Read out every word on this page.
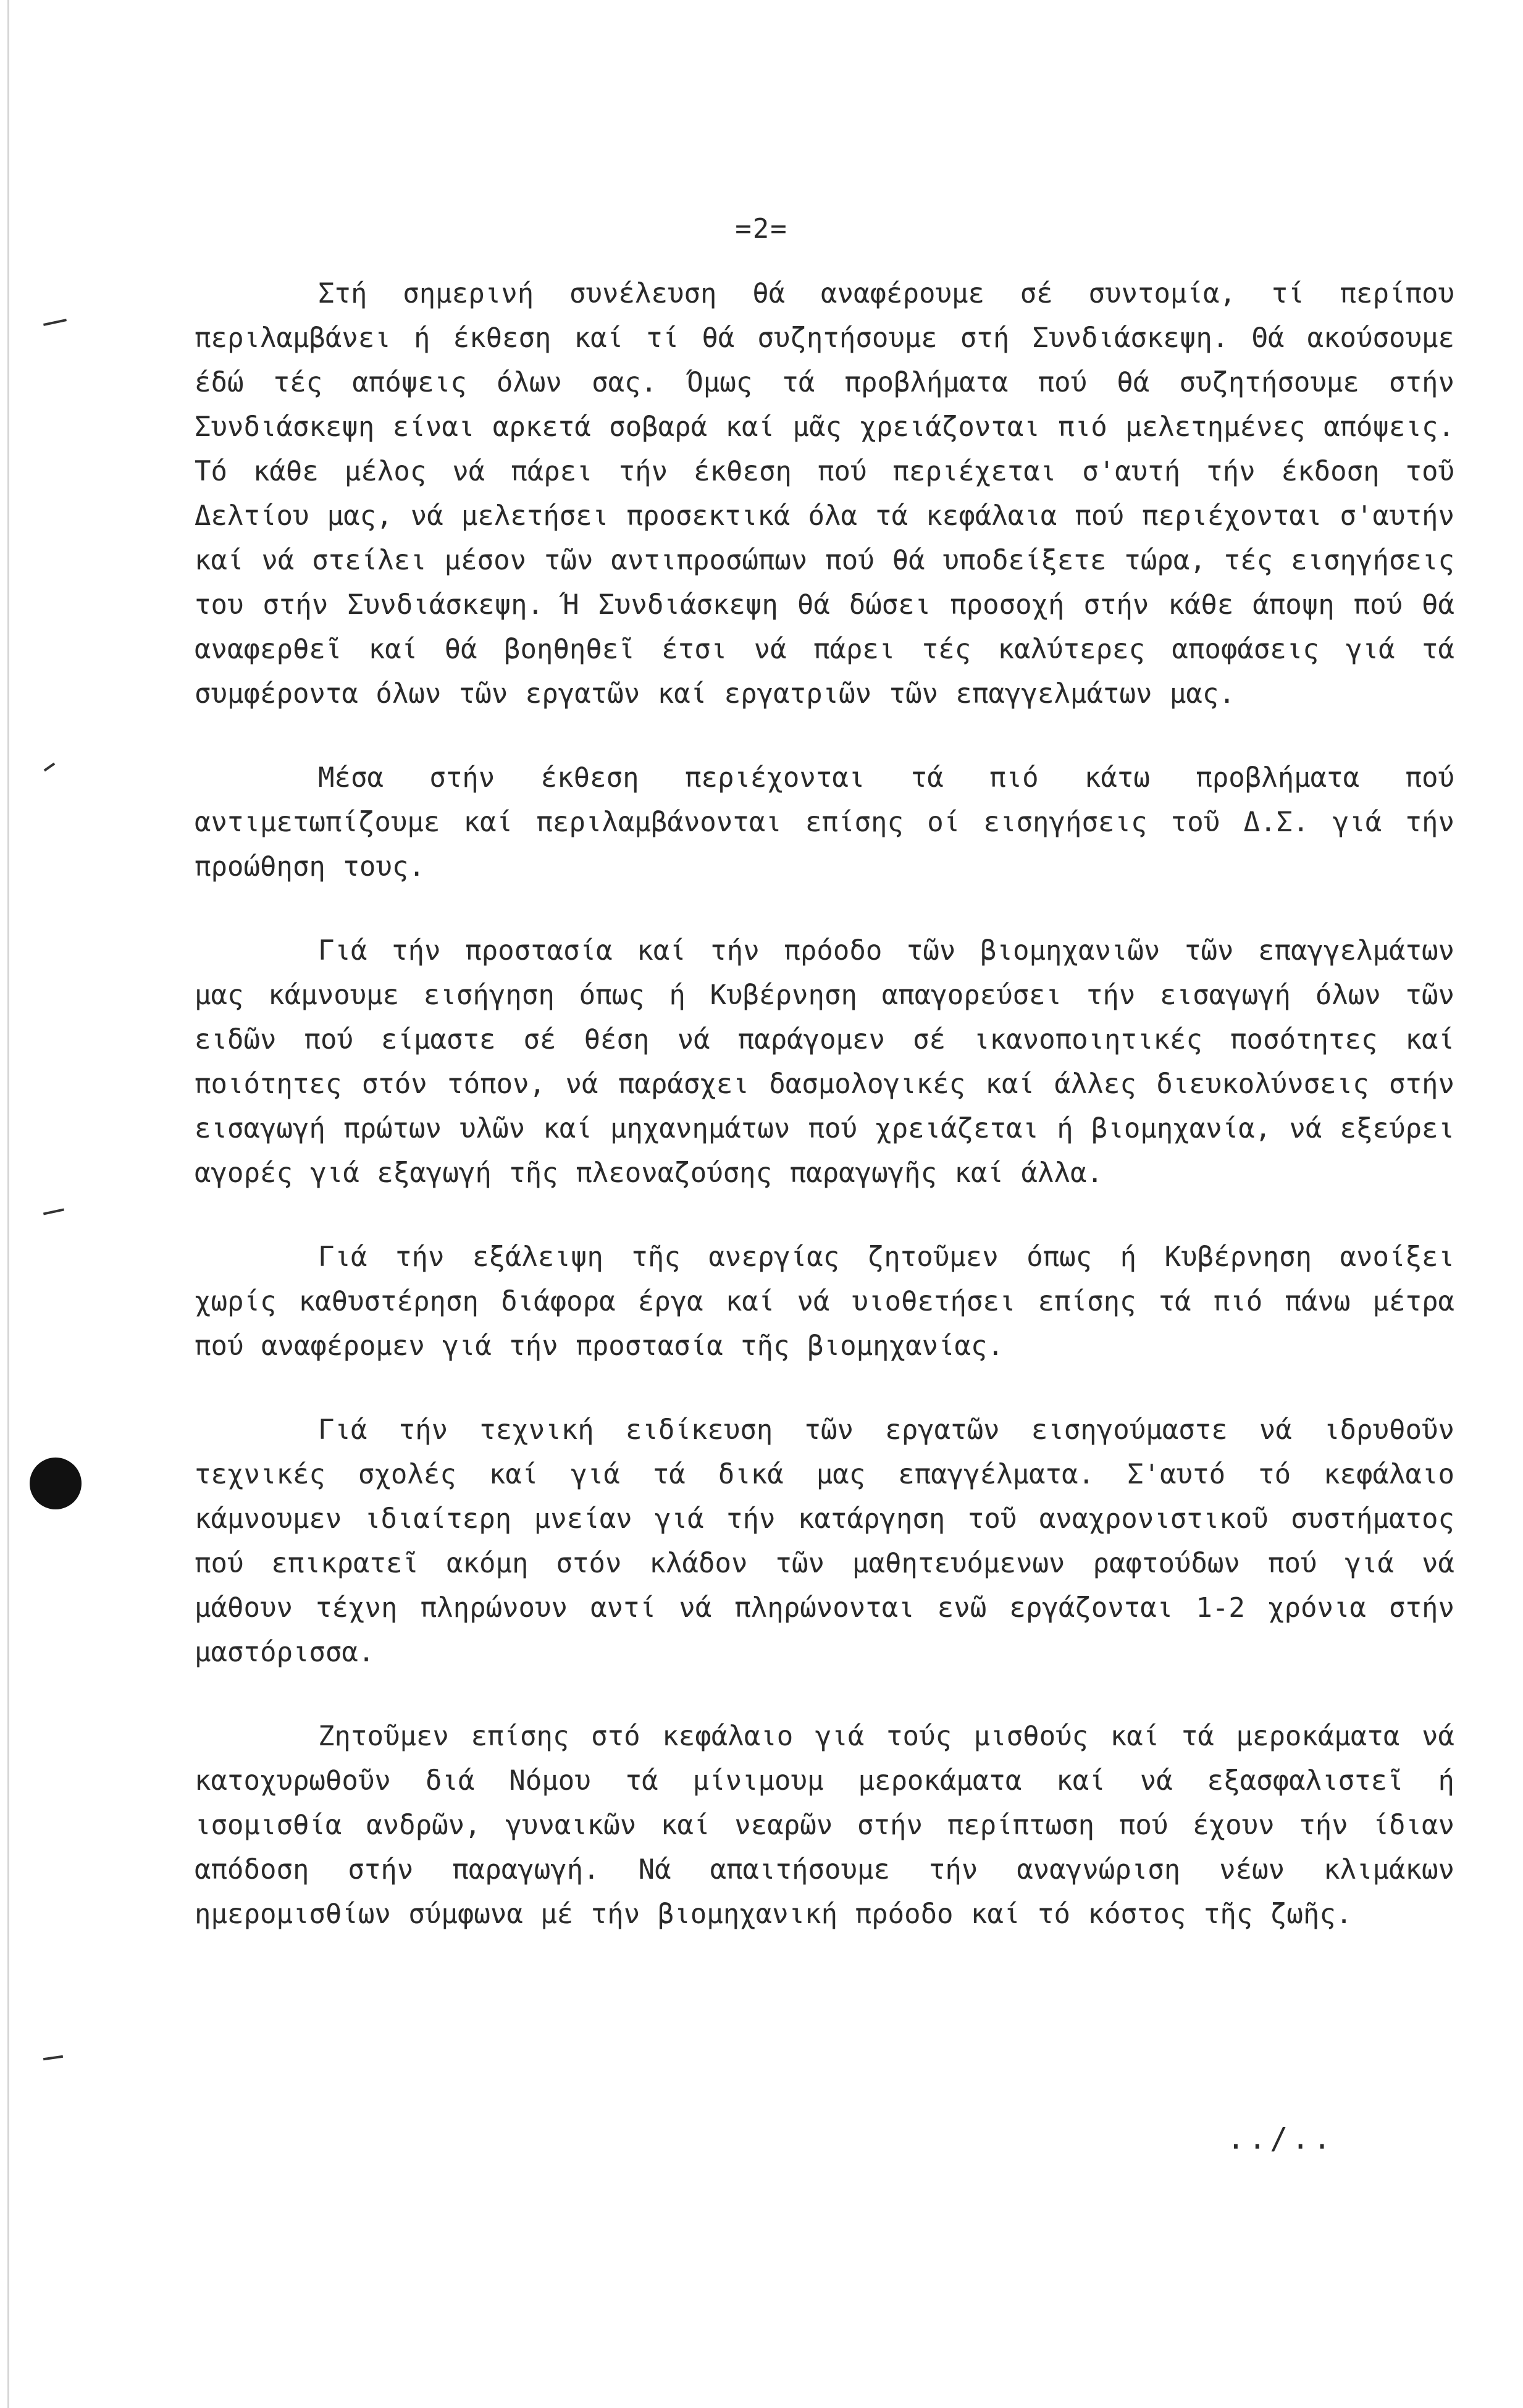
=2=

Στή σημερινή συνέλευση θά αναφέρουμε σέ συντομία, τί περίπου περιλαμβάνει ή έκθεση καί τί θά συζητήσουμε στή Συνδιάσκεψη. Θά ακούσουμε έδώ τές απόψεις όλων σας. Όμως τά προβλήματα πού θά συζητήσουμε στήν Συνδιάσκεψη είναι αρκετά σοβαρά καί μᾶς χρειάζονται πιό μελετημένες απόψεις. Τό κάθε μέλος νά πάρει τήν έκθεση πού περιέχεται σ'αυτή τήν έκδοση τοῦ Δελτίου μας, νά μελετήσει προσεκτικά όλα τά κεφάλαια πού περιέχονται σ'αυτήν καί νά στείλει μέσον τῶν αντιπροσώπων πού θά υποδείξετε τώρα, τές εισηγήσεις του στήν Συνδιάσκεψη. Ή Συνδιάσκεψη θά δώσει προσοχή στήν κάθε άποψη πού θά αναφερθεῖ καί θά βοηθηθεῖ έτσι νά πάρει τές καλύτερες αποφάσεις γιά τά συμφέροντα όλων τῶν εργατῶν καί εργατριῶν τῶν επαγγελμάτων μας.

Μέσα στήν έκθεση περιέχονται τά πιό κάτω προβλήματα πού αντιμετωπίζουμε καί περιλαμβάνονται επίσης οί εισηγήσεις τοῦ Δ.Σ. γιά τήν προώθηση τους.

Γιά τήν προστασία καί τήν πρόοδο τῶν βιομηχανιῶν τῶν επαγγελμάτων μας κάμνουμε εισήγηση όπως ή Κυβέρνηση απαγορεύσει τήν εισαγωγή όλων τῶν ειδῶν πού είμαστε σέ θέση νά παράγομεν σέ ικανοποιητικές ποσότητες καί ποιότητες στόν τόπον, νά παράσχει δασμολογικές καί άλλες διευκολύνσεις στήν εισαγωγή πρώτων υλῶν καί μηχανημάτων πού χρειάζεται ή βιομηχανία, νά εξεύρει αγορές γιά εξαγωγή τῆς πλεοναζούσης παραγωγῆς καί άλλα.

Γιά τήν εξάλειψη τῆς ανεργίας ζητοῦμεν όπως ή Κυβέρνηση ανοίξει χωρίς καθυστέρηση διάφορα έργα καί νά υιοθετήσει επίσης τά πιό πάνω μέτρα πού αναφέρομεν γιά τήν προστασία τῆς βιομηχανίας.

Γιά τήν τεχνική ειδίκευση τῶν εργατῶν εισηγούμαστε νά ιδρυθοῦν τεχνικές σχολές καί γιά τά δικά μας επαγγέλματα. Σ'αυτό τό κεφάλαιο κάμνουμεν ιδιαίτερη μνείαν γιά τήν κατάργηση τοῦ αναχρονιστικοῦ συστήματος πού επικρατεῖ ακόμη στόν κλάδον τῶν μαθητευόμενων ραφτούδων πού γιά νά μάθουν τέχνη πληρώνουν αντί νά πληρώνονται ενῶ εργάζονται 1-2 χρόνια στήν μαστόρισσα.

Ζητοῦμεν επίσης στό κεφάλαιο γιά τούς μισθούς καί τά μεροκάματα νά κατοχυρωθοῦν διά Νόμου τά μίνιμουμ μεροκάματα καί νά εξασφαλιστεῖ ή ισομισθία ανδρῶν, γυναικῶν καί νεαρῶν στήν περίπτωση πού έχουν τήν ίδιαν απόδοση στήν παραγωγή. Νά απαιτήσουμε τήν αναγνώριση νέων κλιμάκων ημερομισθίων σύμφωνα μέ τήν βιομηχανική πρόοδο καί τό κόστος τῆς ζωῆς.

../..
